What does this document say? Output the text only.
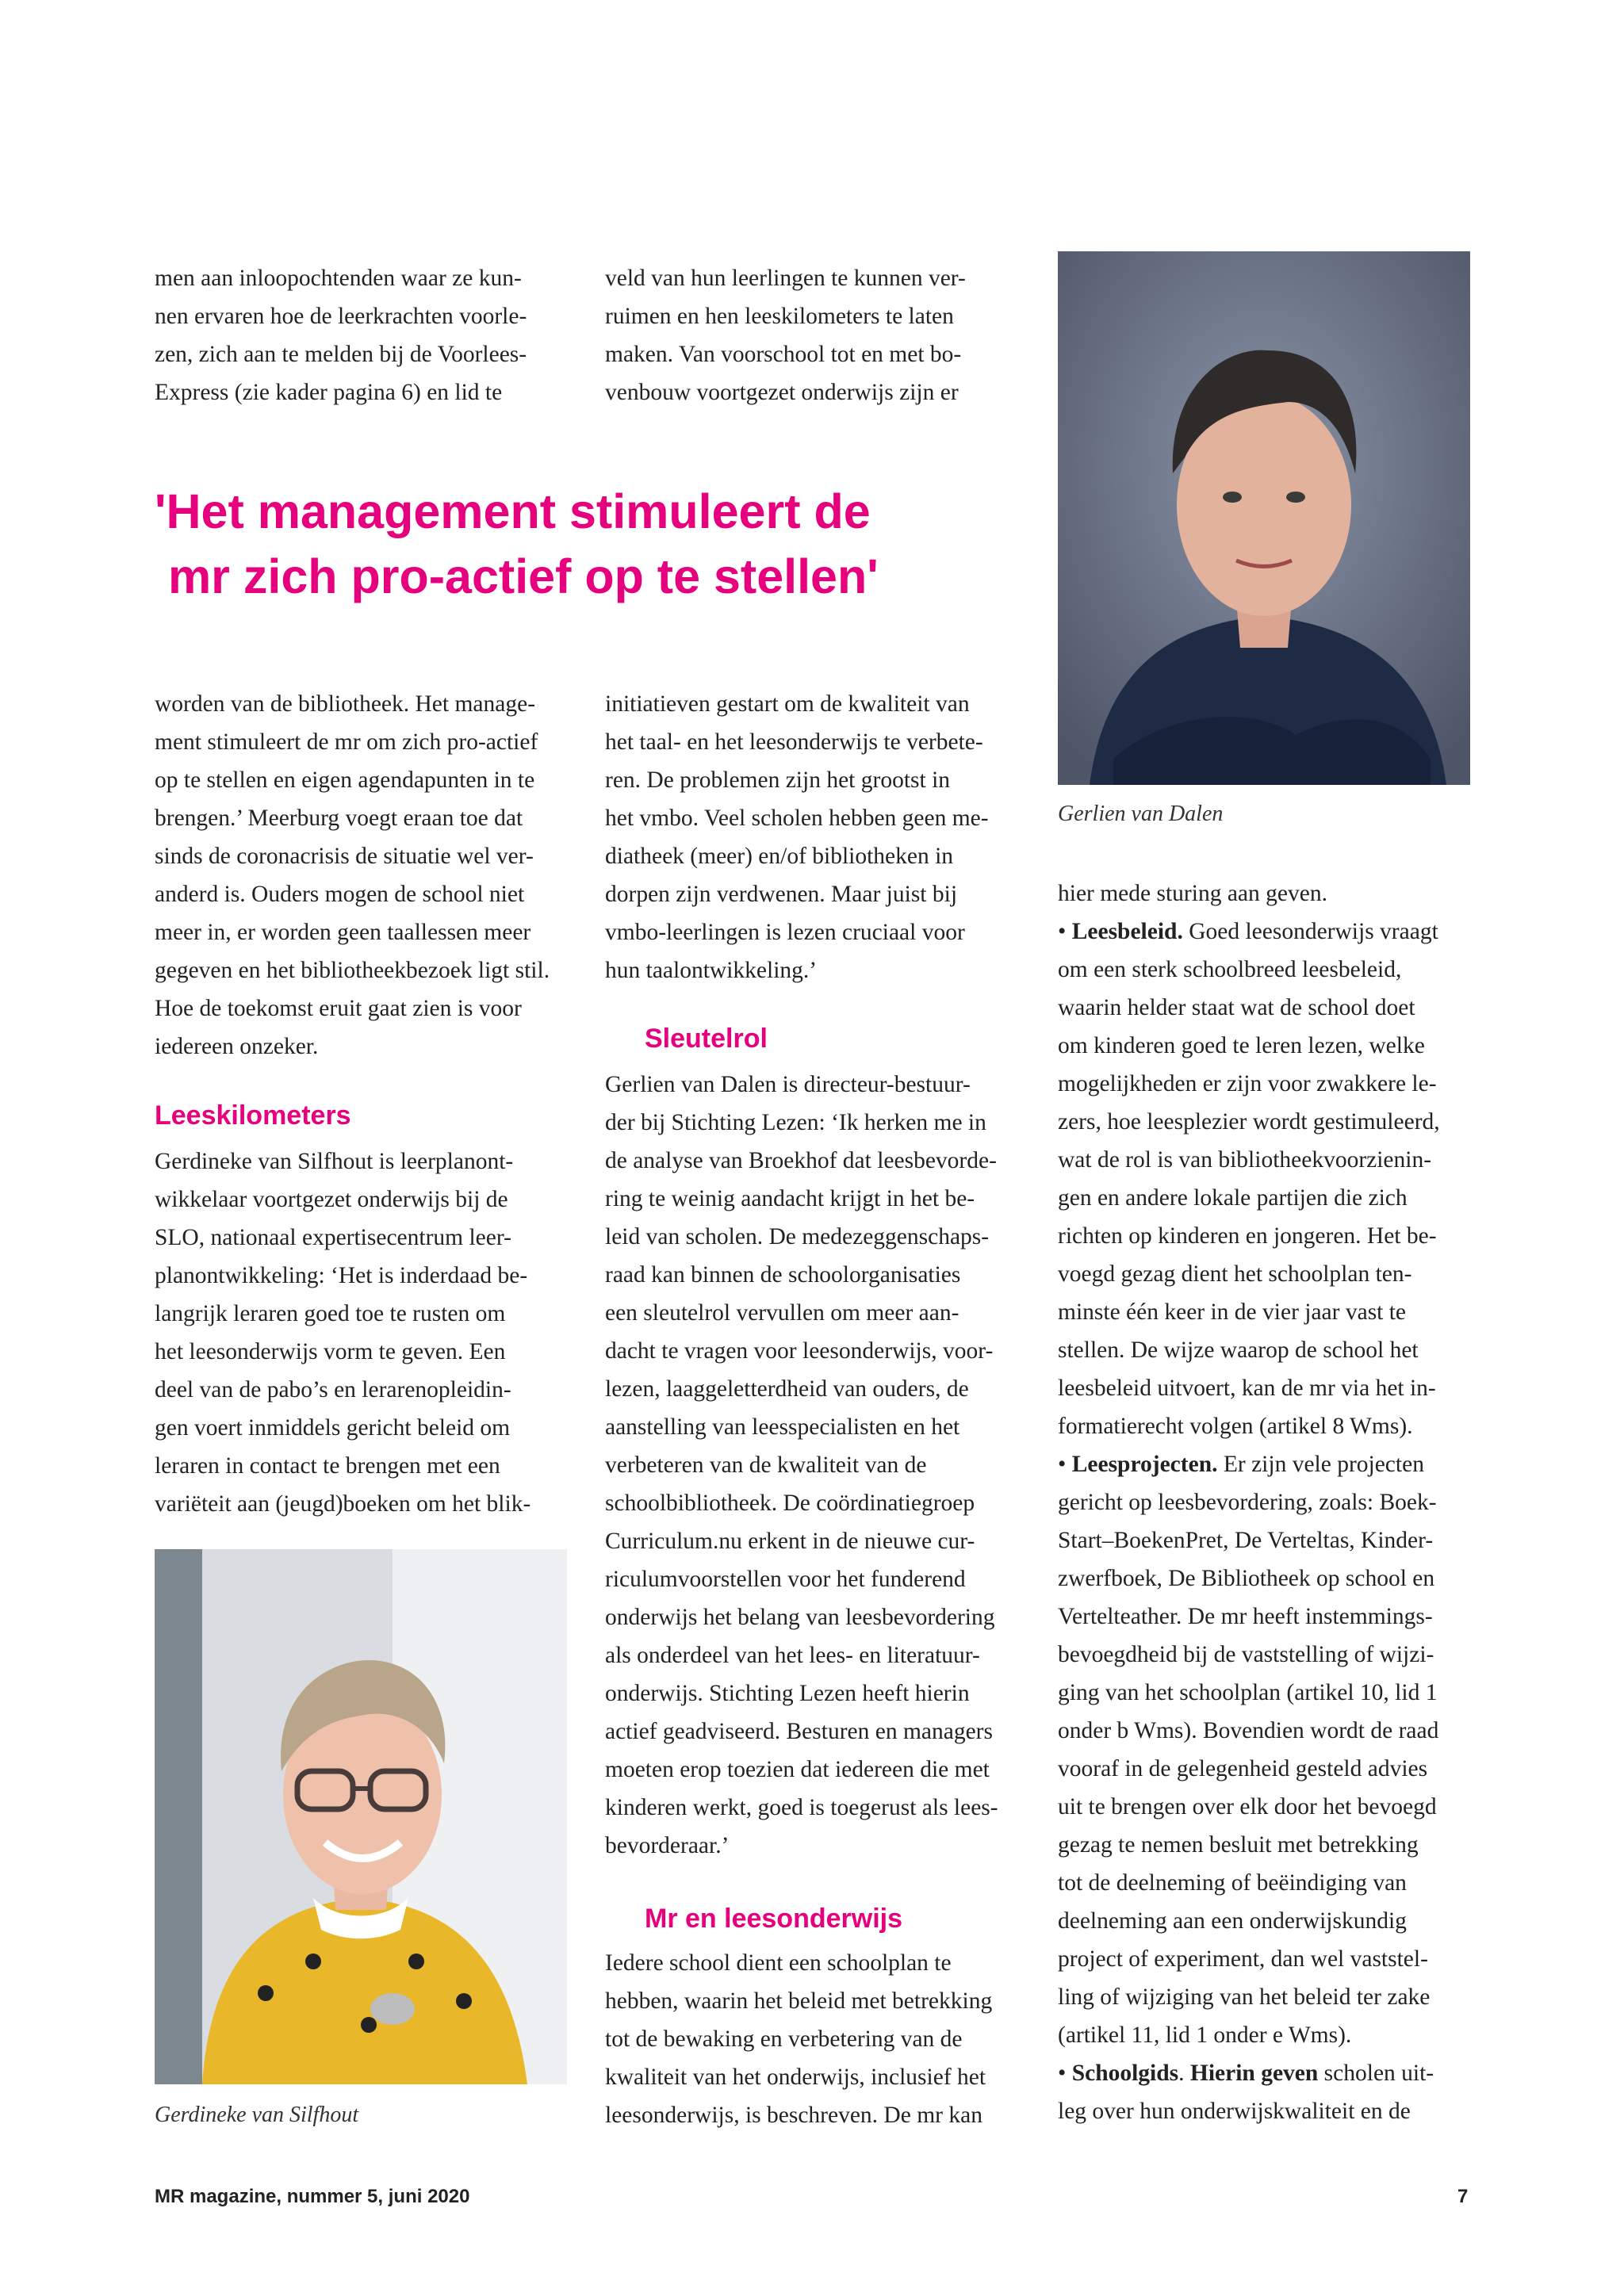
men aan inloopochtenden waar ze kun-

nen ervaren hoe de leerkrachten voorle-

zen, zich aan te melden bij de Voorlees-

Express (zie kader pagina 6) en lid te

veld van hun leerlingen te kunnen ver-

ruimen en hen leeskilometers te laten

maken. Van voorschool tot en met bo-

venbouw voortgezet onderwijs zijn er

Gerlien van Dalen
'Het management stimuleert de
mr zich pro-actief op te stellen'

worden van de bibliotheek. Het manage-

ment stimuleert de mr om zich pro-actief

op te stellen en eigen agendapunten in te

brengen.’ Meerburg voegt eraan toe dat

sinds de coronacrisis de situatie wel ver-

anderd is. Ouders mogen de school niet

meer in, er worden geen taallessen meer

gegeven en het bibliotheekbezoek ligt stil.

Hoe de toekomst eruit gaat zien is voor

iedereen onzeker.

Leeskilometers

Gerdineke van Silfhout is leerplanont-

wikkelaar voortgezet onderwijs bij de

SLO, nationaal expertisecentrum leer-

planontwikkeling: ‘Het is inderdaad be-

langrijk leraren goed toe te rusten om

het leesonderwijs vorm te geven. Een

deel van de pabo’s en lerarenopleidin-

gen voert inmiddels gericht beleid om

leraren in contact te brengen met een

variëteit aan (jeugd)boeken om het blik-

Gerdineke van Silfhout

initiatieven gestart om de kwaliteit van

het taal- en het leesonderwijs te verbete-

ren. De problemen zijn het grootst in

het vmbo. Veel scholen hebben geen me-

diatheek (meer) en/of bibliotheken in

dorpen zijn verdwenen. Maar juist bij

vmbo-leerlingen is lezen cruciaal voor

hun taalontwikkeling.’

Sleutelrol

Gerlien van Dalen is directeur-bestuur-

der bij Stichting Lezen: ‘Ik herken me in

de analyse van Broekhof dat leesbevorde-

ring te weinig aandacht krijgt in het be-

leid van scholen. De medezeggenschaps-

raad kan binnen de schoolorganisaties

een sleutelrol vervullen om meer aan-

dacht te vragen voor leesonderwijs, voor-

lezen, laaggeletterdheid van ouders, de

aanstelling van leesspecialisten en het

verbeteren van de kwaliteit van de

schoolbibliotheek. De coördinatiegroep

Curriculum.nu erkent in de nieuwe cur-

riculumvoorstellen voor het funderend

onderwijs het belang van leesbevordering

als onderdeel van het lees- en literatuur-

onderwijs. Stichting Lezen heeft hierin

actief geadviseerd. Besturen en managers

moeten erop toezien dat iedereen die met

kinderen werkt, goed is toegerust als lees-

bevorderaar.’

Mr en leesonderwijs

Iedere school dient een schoolplan te

hebben, waarin het beleid met betrekking

tot de bewaking en verbetering van de

kwaliteit van het onderwijs, inclusief het

leesonderwijs, is beschreven. De mr kan

hier mede sturing aan geven.

• Leesbeleid. Goed leesonderwijs vraagt

om een sterk schoolbreed leesbeleid,

waarin helder staat wat de school doet

om kinderen goed te leren lezen, welke

mogelijkheden er zijn voor zwakkere le-

zers, hoe leesplezier wordt gestimuleerd,

wat de rol is van bibliotheekvoorzienin-

gen en andere lokale partijen die zich

richten op kinderen en jongeren. Het be-

voegd gezag dient het schoolplan ten-

minste één keer in de vier jaar vast te

stellen. De wijze waarop de school het

leesbeleid uitvoert, kan de mr via het in-

formatierecht volgen (artikel 8 Wms).

• Leesprojecten. Er zijn vele projecten

gericht op leesbevordering, zoals: Boek-

Start–BoekenPret, De Verteltas, Kinder-

zwerfboek, De Bibliotheek op school en

Vertelteather. De mr heeft instemmings-

bevoegdheid bij de vaststelling of wijzi-

ging van het schoolplan (artikel 10, lid 1

onder b Wms). Bovendien wordt de raad

vooraf in de gelegenheid gesteld advies

uit te brengen over elk door het bevoegd

gezag te nemen besluit met betrekking

tot de deelneming of beëindiging van

deelneming aan een onderwijskundig

project of experiment, dan wel vaststel-

ling of wijziging van het beleid ter zake

(artikel 11, lid 1 onder e Wms).

• Schoolgids. Hierin geven scholen uit-

leg over hun onderwijskwaliteit en de

MR magazine, nummer 5, juni 2020	7
